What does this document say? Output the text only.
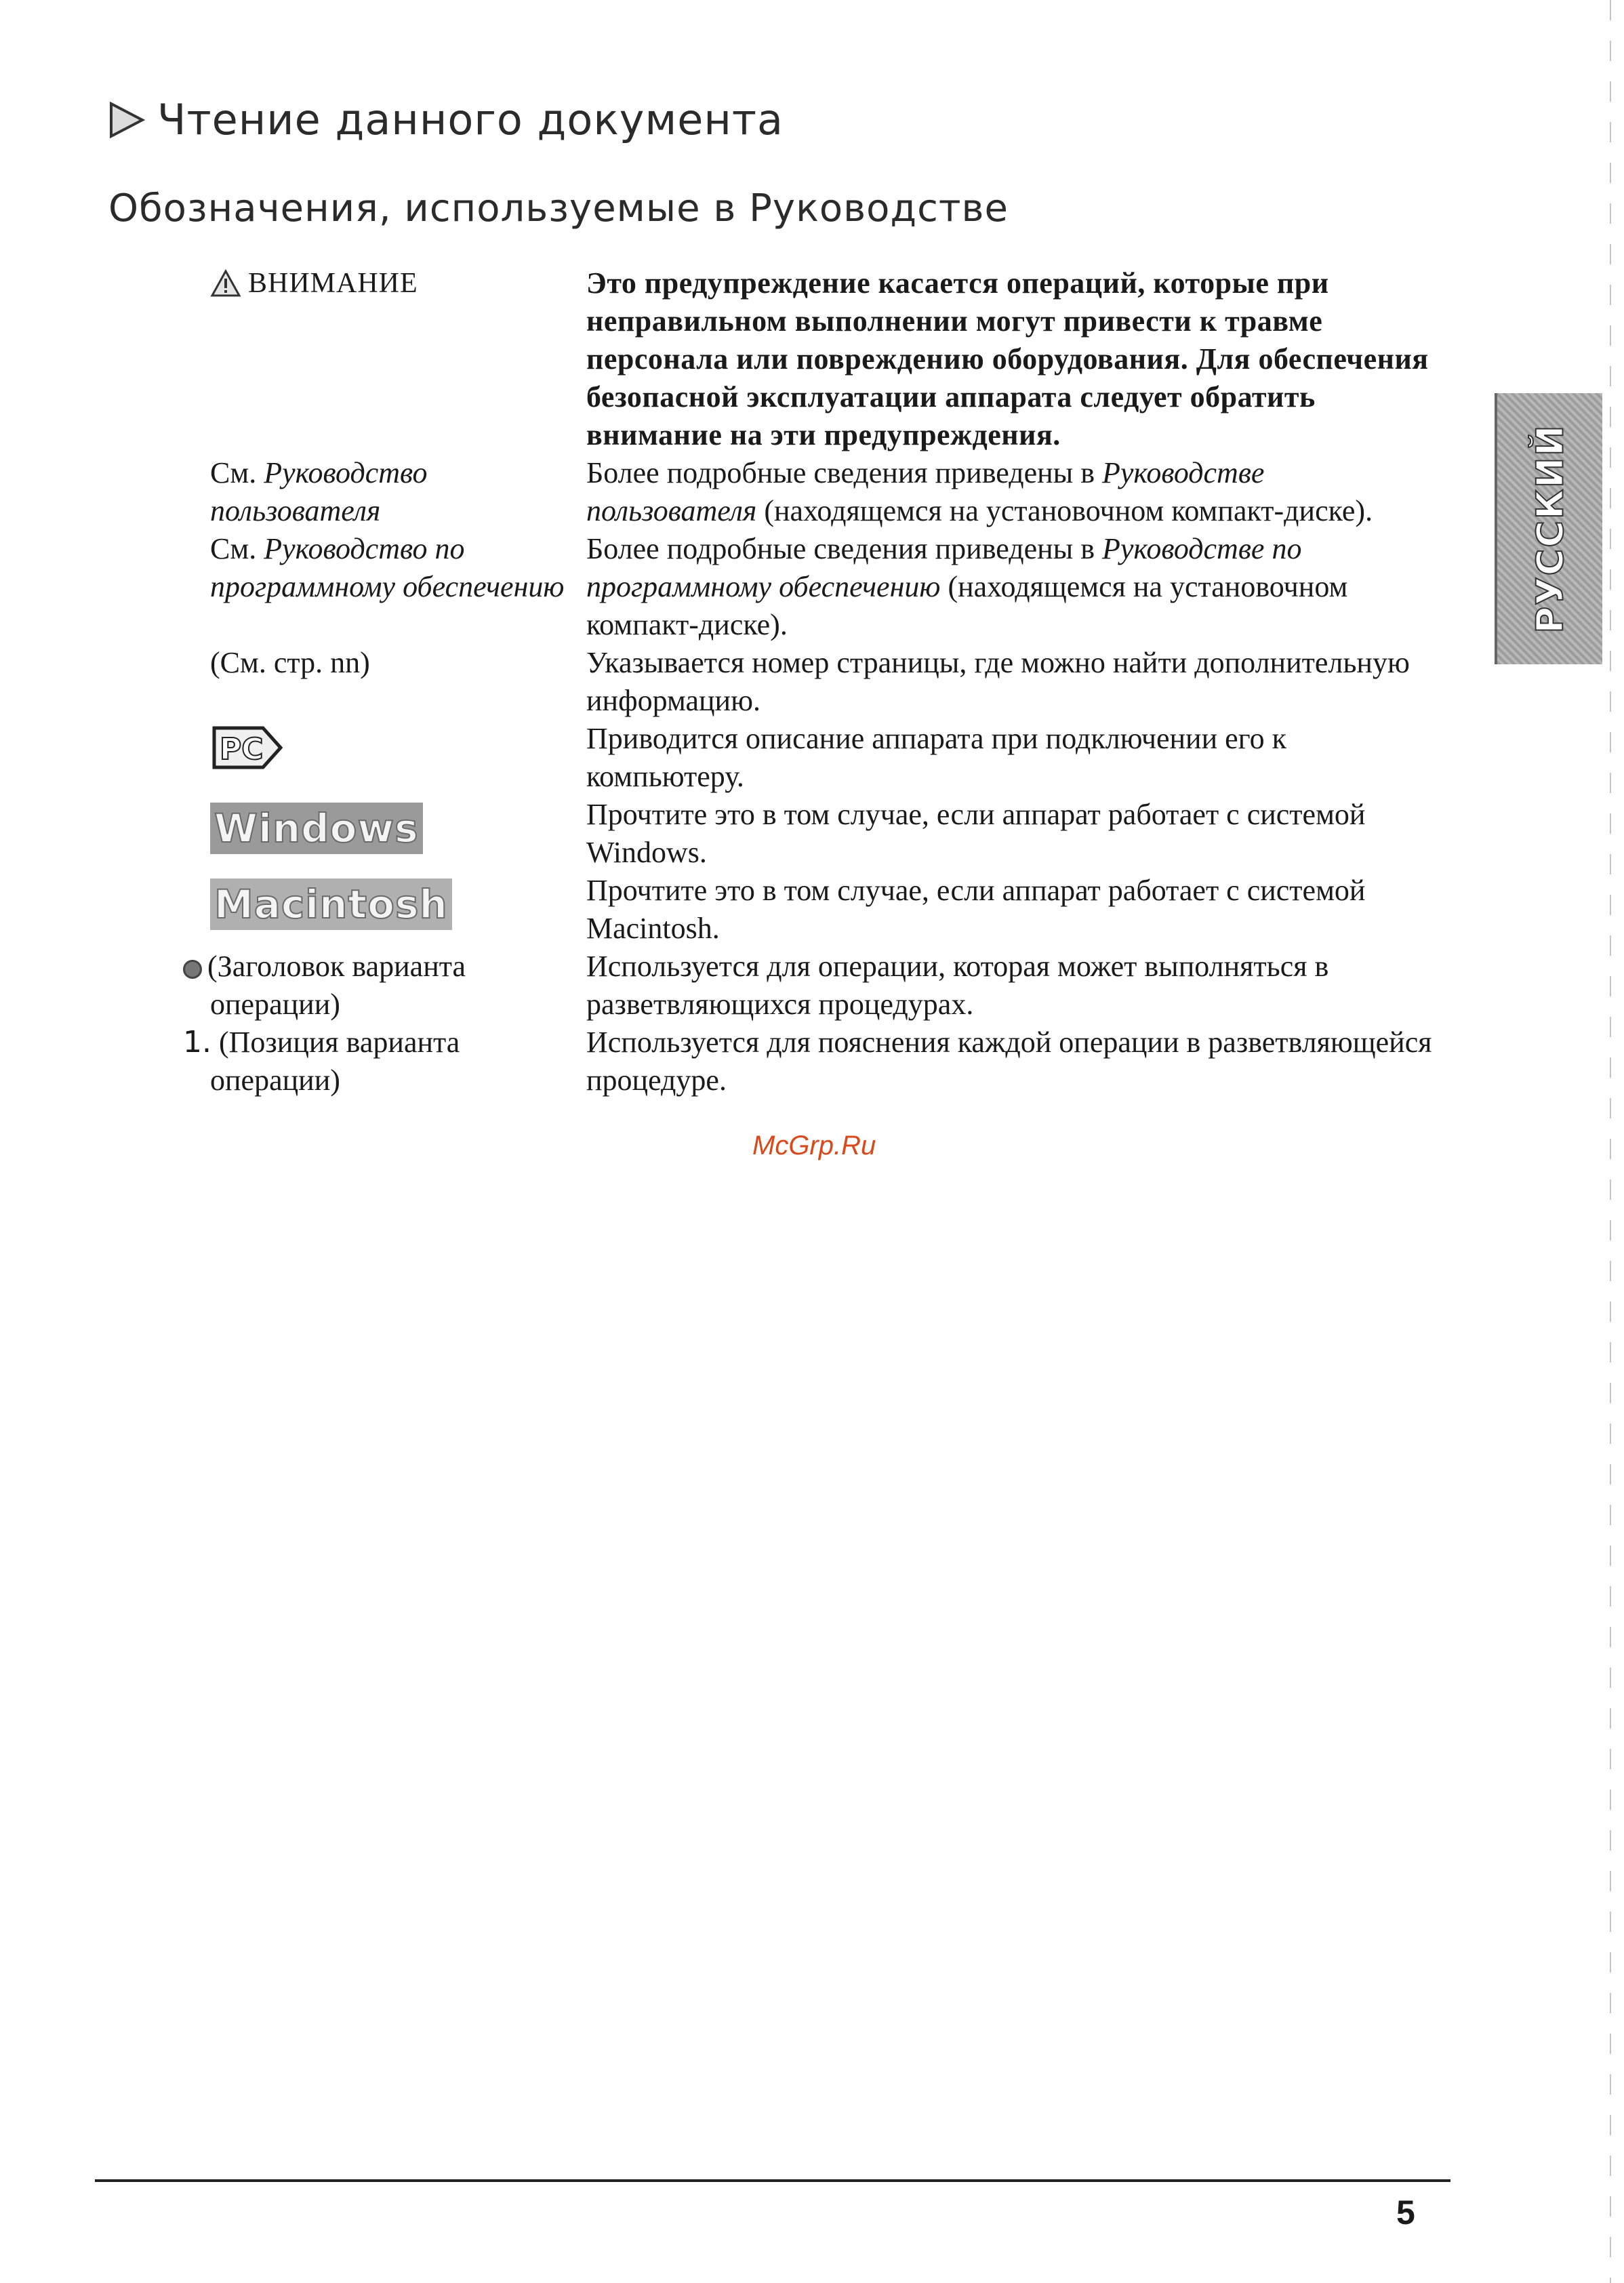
Чтение данного документа
Обозначения, используемые в Руководстве
ВНИМАНИЕ	Это предупреждение касается операций, которые при неправильном выполнении могут привести к травме персонала или повреждению оборудования. Для обеспечения безопасной эксплуатации аппарата следует обратить внимание на эти предупреждения.
См. Руководство пользователя	Более подробные сведения приведены в Руководстве пользователя (находящемся на установочном компакт-диске).
См. Руководство по программному обеспечению	Более подробные сведения приведены в Руководстве по программному обеспечению (находящемся на установочном компакт-диске).
(См. стр. nn)	Указывается номер страницы, где можно найти дополнительную информацию.

PC	Приводится описание аппарата при подключении его к компьютеру.
Windows	Прочтите это в том случае, если аппарат работает с системой Windows.
Macintosh	Прочтите это в том случае, если аппарат работает с системой Macintosh.
(Заголовок варианта операции)	Используется для операции, которая может выполняться в разветвляющихся процедурах.
1. (Позиция варианта операции)	Используется для пояснения каждой операции в разветвляющейся процедуре.
McGrp.Ru
РУССКИЙ
5
